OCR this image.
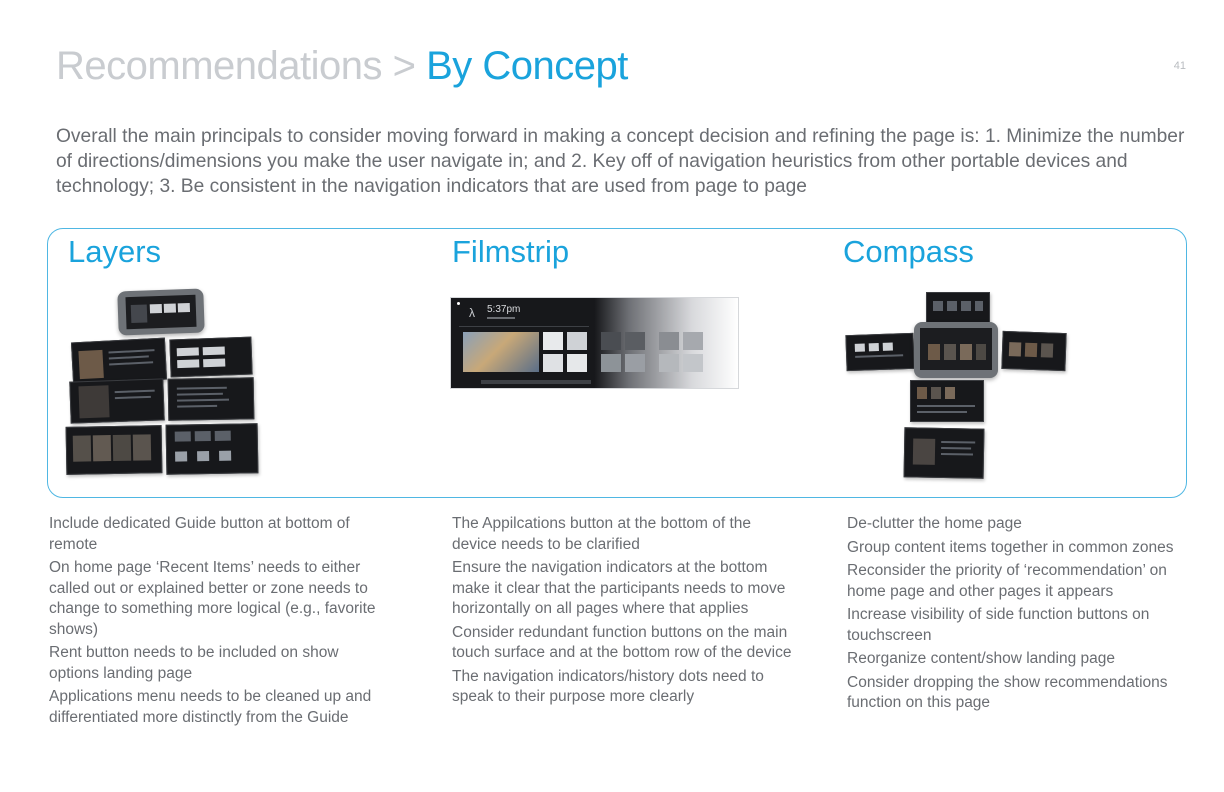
Recommendations > By Concept	41
Overall the main principals to consider moving forward in making a concept decision and refining the page is: 1. Minimize the number of directions/dimensions you make the user navigate in; and 2. Key off of navigation heuristics from other portable devices and technology; 3. Be consistent in the navigation indicators that are used from page to page
Layers	Filmstrip	Compass
λ 5:37pm
Include dedicated Guide button at bottom of remote
On home page ‘Recent Items’ needs to either called out or explained better or zone needs to change to something more logical (e.g., favorite shows)
Rent button needs to be included on show options landing page
Applications menu needs to be cleaned up and differentiated more distinctly from the Guide
The Appilcations button at the bottom of the device needs to be clarified
Ensure the navigation indicators at the bottom make it clear that the participants needs to move horizontally on all pages where that applies
Consider redundant function buttons on the main touch surface and at the bottom row of the device
The navigation indicators/history dots need to speak to their purpose more clearly
De-clutter the home page
Group content items together in common zones
Reconsider the priority of ‘recommendation’ on home page and other pages it appears
Increase visibility of side function buttons on touchscreen
Reorganize content/show landing page
Consider dropping the show recommendations function on this page
